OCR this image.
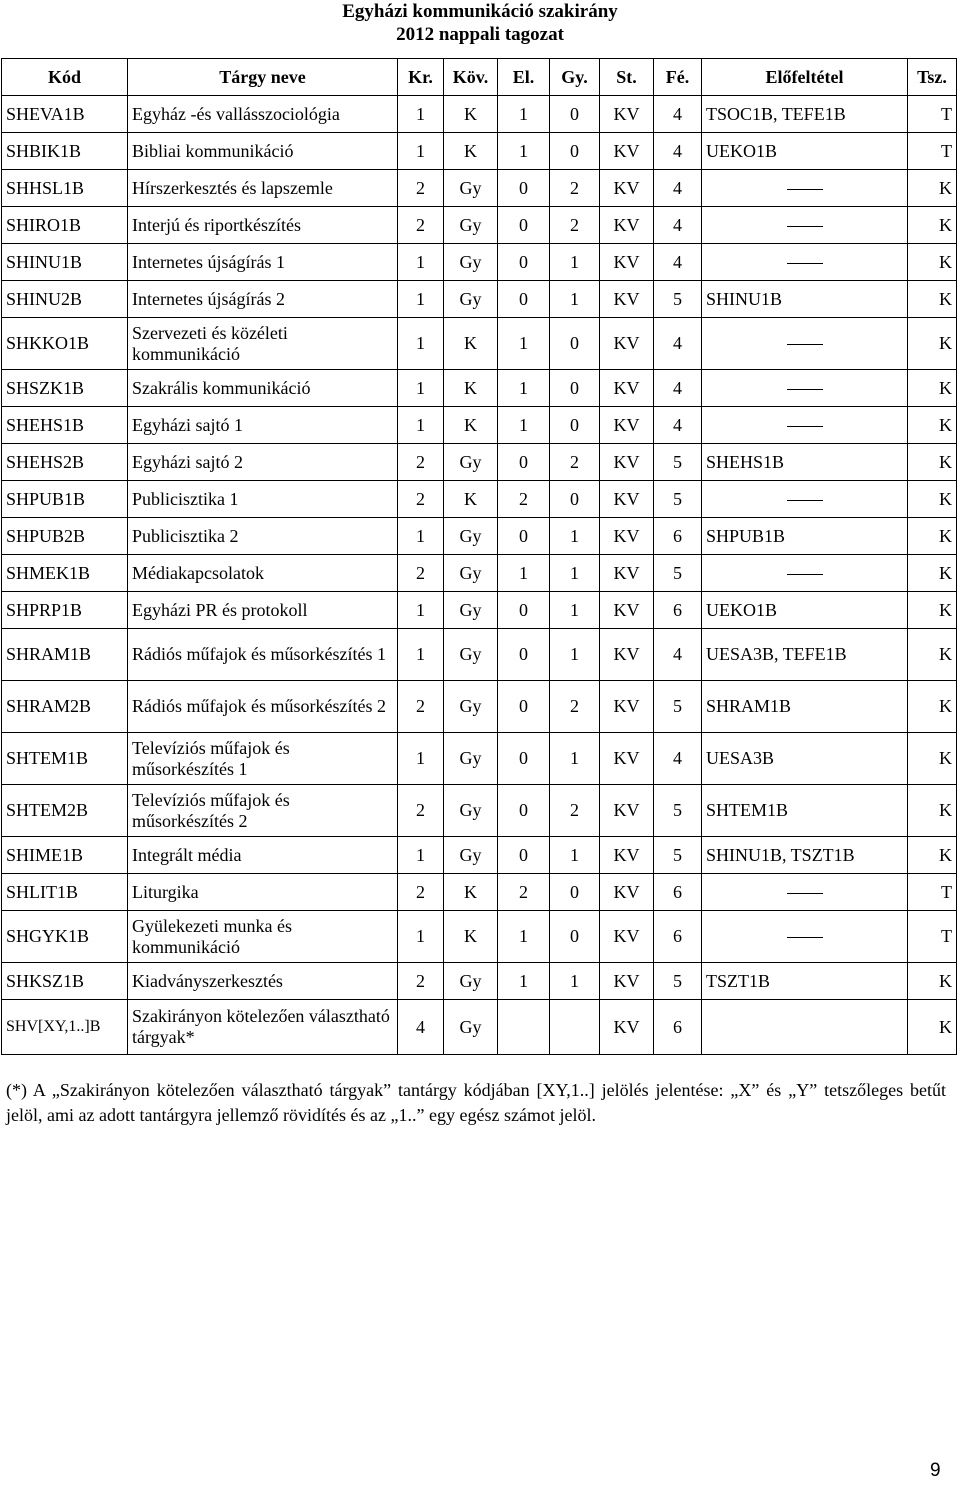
Egyházi kommunikáció szakirány
2012 nappali tagozat
Kód	Tárgy neve	Kr.	Köv.	El.	Gy.	St.	Fé.	Előfeltétel	Tsz.
SHEVA1B	Egyház -és vallásszociológia	1	K	1	0	KV	4	TSOC1B, TEFE1B	T
SHBIK1B	Bibliai kommunikáció	1	K	1	0	KV	4	UEKO1B	T
SHHSL1B	Hírszerkesztés és lapszemle	2	Gy	0	2	KV	4		K
SHIRO1B	Interjú és riportkészítés	2	Gy	0	2	KV	4		K
SHINU1B	Internetes újságírás 1	1	Gy	0	1	KV	4		K
SHINU2B	Internetes újságírás 2	1	Gy	0	1	KV	5	SHINU1B	K
SHKKO1B	Szervezeti és közéleti kommunikáció	1	K	1	0	KV	4		K
SHSZK1B	Szakrális kommunikáció	1	K	1	0	KV	4		K
SHEHS1B	Egyházi sajtó 1	1	K	1	0	KV	4		K
SHEHS2B	Egyházi sajtó 2	2	Gy	0	2	KV	5	SHEHS1B	K
SHPUB1B	Publicisztika 1	2	K	2	0	KV	5		K
SHPUB2B	Publicisztika 2	1	Gy	0	1	KV	6	SHPUB1B	K
SHMEK1B	Médiakapcsolatok	2	Gy	1	1	KV	5		K
SHPRP1B	Egyházi PR és protokoll	1	Gy	0	1	KV	6	UEKO1B	K
SHRAM1B	Rádiós műfajok és műsorkészítés 1	1	Gy	0	1	KV	4	UESA3B, TEFE1B	K
SHRAM2B	Rádiós műfajok és műsorkészítés 2	2	Gy	0	2	KV	5	SHRAM1B	K
SHTEM1B	Televíziós műfajok és műsorkészítés 1	1	Gy	0	1	KV	4	UESA3B	K
SHTEM2B	Televíziós műfajok és műsorkészítés 2	2	Gy	0	2	KV	5	SHTEM1B	K
SHIME1B	Integrált média	1	Gy	0	1	KV	5	SHINU1B, TSZT1B	K
SHLIT1B	Liturgika	2	K	2	0	KV	6		T
SHGYK1B	Gyülekezeti munka és kommunikáció	1	K	1	0	KV	6		T
SHKSZ1B	Kiadványszerkesztés	2	Gy	1	1	KV	5	TSZT1B	K
SHV[XY,1..]B	Szakirányon kötelezően választható tárgyak*	4	Gy			KV	6		K
(*) A „Szakirányon kötelezően választható tárgyak” tantárgy kódjában [XY,1..] jelölés jelentése: „X” és „Y” tetszőleges betűt jelöl, ami az adott tantárgyra jellemző rövidítés és az „1..” egy egész számot jelöl.
9
